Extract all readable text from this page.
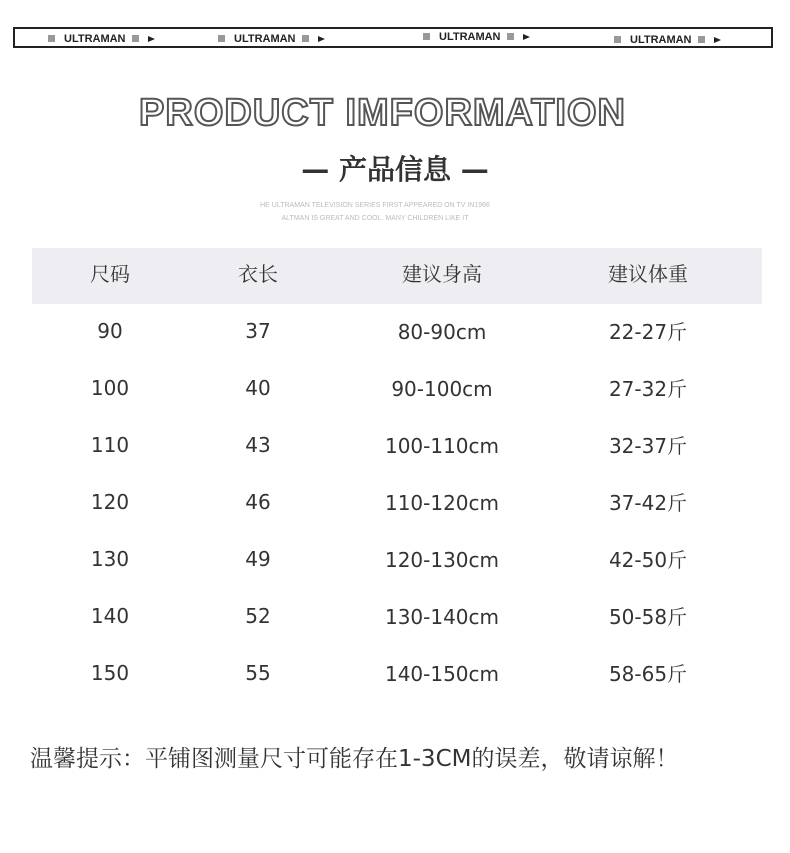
ULTRAMAN	ULTRAMAN	ULTRAMAN	ULTRAMAN
PRODUCT IMFORMATION
— 产品信息 —
HE ULTRAMAN TELEVISION SERIES FIRST APPEARED ON TV IN1966
ALTMAN IS GREAT AND COOL. MANY CHILDREN LIKE IT
尺码	衣长	建议身高	建议体重
90	37	80-90cm	22-27斤
100	40	90-100cm	27-32斤
110	43	100-110cm	32-37斤
120	46	110-120cm	37-42斤
130	49	120-130cm	42-50斤
140	52	130-140cm	50-58斤
150	55	140-150cm	58-65斤
温馨提示：平铺图测量尺寸可能存在1-3CM的误差，敬请谅解！
